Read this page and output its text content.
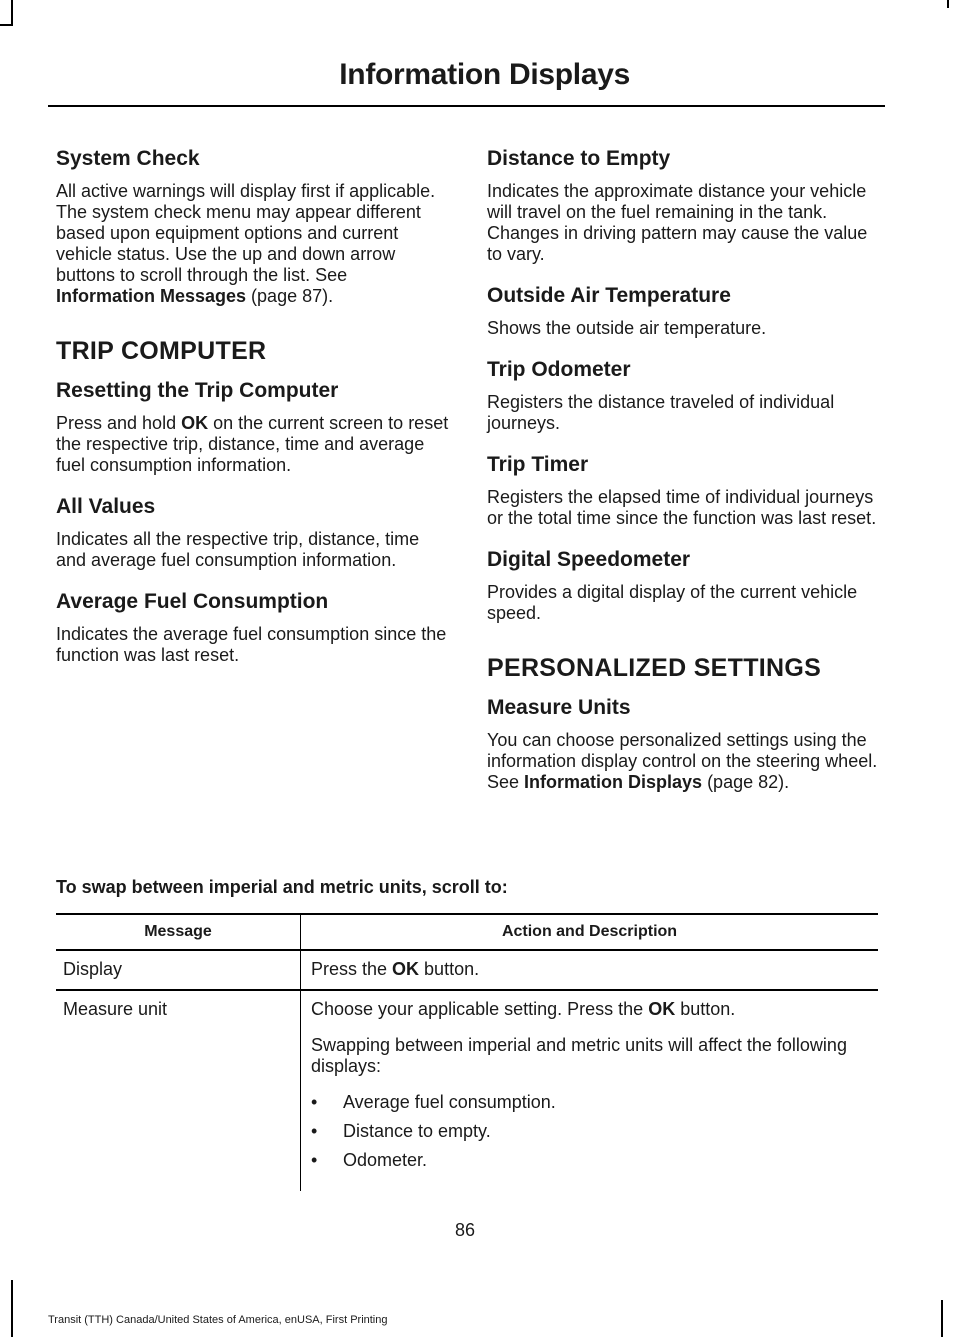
Information Displays
System Check

All active warnings will display first if applicable. The system check menu may appear different based upon equipment options and current vehicle status. Use the up and down arrow buttons to scroll through the list. See Information Messages (page 87).

TRIP COMPUTER
Resetting the Trip Computer

Press and hold OK on the current screen to reset the respective trip, distance, time and average fuel consumption information.

All Values

Indicates all the respective trip, distance, time and average fuel consumption information.

Average Fuel Consumption

Indicates the average fuel consumption since the function was last reset.

Distance to Empty

Indicates the approximate distance your vehicle will travel on the fuel remaining in the tank. Changes in driving pattern may cause the value to vary.

Outside Air Temperature

Shows the outside air temperature.

Trip Odometer

Registers the distance traveled of individual journeys.

Trip Timer

Registers the elapsed time of individual journeys or the total time since the function was last reset.

Digital Speedometer

Provides a digital display of the current vehicle speed.

PERSONALIZED SETTINGS
Measure Units

You can choose personalized settings using the information display control on the steering wheel. See Information Displays (page 82).

To swap between imperial and metric units, scroll to:
Message	Action and Description
Display	Press the OK button.
Measure unit	Choose your applicable setting. Press the OK button.

Swapping between imperial and metric units will affect the following displays:

• Average fuel consumption.
• Distance to empty.
• Odometer.
86
Transit (TTH) Canada/United States of America, enUSA, First Printing
